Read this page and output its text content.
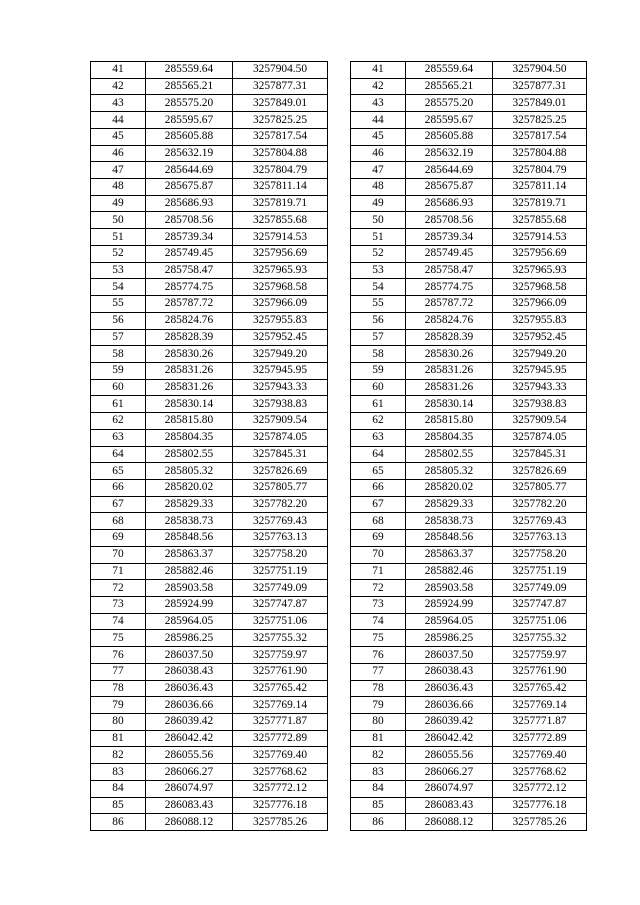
41	285559.64	3257904.50
42	285565.21	3257877.31
43	285575.20	3257849.01
44	285595.67	3257825.25
45	285605.88	3257817.54
46	285632.19	3257804.88
47	285644.69	3257804.79
48	285675.87	3257811.14
49	285686.93	3257819.71
50	285708.56	3257855.68
51	285739.34	3257914.53
52	285749.45	3257956.69
53	285758.47	3257965.93
54	285774.75	3257968.58
55	285787.72	3257966.09
56	285824.76	3257955.83
57	285828.39	3257952.45
58	285830.26	3257949.20
59	285831.26	3257945.95
60	285831.26	3257943.33
61	285830.14	3257938.83
62	285815.80	3257909.54
63	285804.35	3257874.05
64	285802.55	3257845.31
65	285805.32	3257826.69
66	285820.02	3257805.77
67	285829.33	3257782.20
68	285838.73	3257769.43
69	285848.56	3257763.13
70	285863.37	3257758.20
71	285882.46	3257751.19
72	285903.58	3257749.09
73	285924.99	3257747.87
74	285964.05	3257751.06
75	285986.25	3257755.32
76	286037.50	3257759.97
77	286038.43	3257761.90
78	286036.43	3257765.42
79	286036.66	3257769.14
80	286039.42	3257771.87
81	286042.42	3257772.89
82	286055.56	3257769.40
83	286066.27	3257768.62
84	286074.97	3257772.12
85	286083.43	3257776.18
86	286088.12	3257785.26
41	285559.64	3257904.50
42	285565.21	3257877.31
43	285575.20	3257849.01
44	285595.67	3257825.25
45	285605.88	3257817.54
46	285632.19	3257804.88
47	285644.69	3257804.79
48	285675.87	3257811.14
49	285686.93	3257819.71
50	285708.56	3257855.68
51	285739.34	3257914.53
52	285749.45	3257956.69
53	285758.47	3257965.93
54	285774.75	3257968.58
55	285787.72	3257966.09
56	285824.76	3257955.83
57	285828.39	3257952.45
58	285830.26	3257949.20
59	285831.26	3257945.95
60	285831.26	3257943.33
61	285830.14	3257938.83
62	285815.80	3257909.54
63	285804.35	3257874.05
64	285802.55	3257845.31
65	285805.32	3257826.69
66	285820.02	3257805.77
67	285829.33	3257782.20
68	285838.73	3257769.43
69	285848.56	3257763.13
70	285863.37	3257758.20
71	285882.46	3257751.19
72	285903.58	3257749.09
73	285924.99	3257747.87
74	285964.05	3257751.06
75	285986.25	3257755.32
76	286037.50	3257759.97
77	286038.43	3257761.90
78	286036.43	3257765.42
79	286036.66	3257769.14
80	286039.42	3257771.87
81	286042.42	3257772.89
82	286055.56	3257769.40
83	286066.27	3257768.62
84	286074.97	3257772.12
85	286083.43	3257776.18
86	286088.12	3257785.26
